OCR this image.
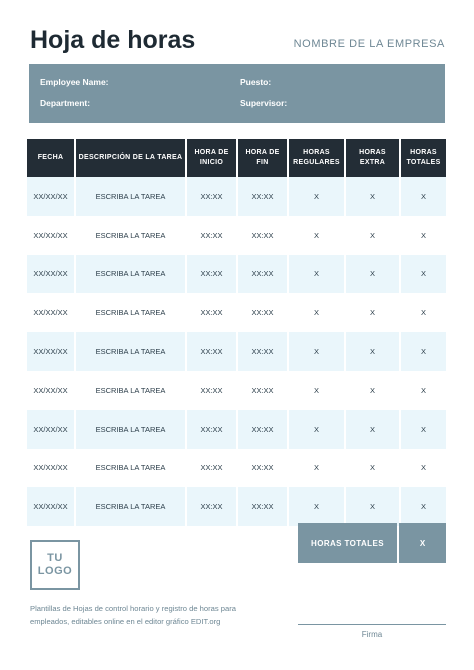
Hoja de horas	NOMBRE DE LA EMPRESA
Employee Name:	Puesto:
Department:	Supervisor:
FECHA	DESCRIPCIÓN DE LA TAREA	HORA DE INICIO	HORA DE FIN	HORAS REGULARES	HORAS EXTRA	HORAS TOTALES
XX/XX/XX	ESCRIBA LA TAREA	XX:XX	XX:XX	X	X	X
XX/XX/XX	ESCRIBA LA TAREA	XX:XX	XX:XX	X	X	X
XX/XX/XX	ESCRIBA LA TAREA	XX:XX	XX:XX	X	X	X
XX/XX/XX	ESCRIBA LA TAREA	XX:XX	XX:XX	X	X	X
XX/XX/XX	ESCRIBA LA TAREA	XX:XX	XX:XX	X	X	X
XX/XX/XX	ESCRIBA LA TAREA	XX:XX	XX:XX	X	X	X
XX/XX/XX	ESCRIBA LA TAREA	XX:XX	XX:XX	X	X	X
XX/XX/XX	ESCRIBA LA TAREA	XX:XX	XX:XX	X	X	X
XX/XX/XX	ESCRIBA LA TAREA	XX:XX	XX:XX	X	X	X
HORAS TOTALES	X
TU
LOGO
Plantillas de Hojas de control horario y registro de horas para
empleados, editables online en el editor gráfico EDIT.org
Firma
